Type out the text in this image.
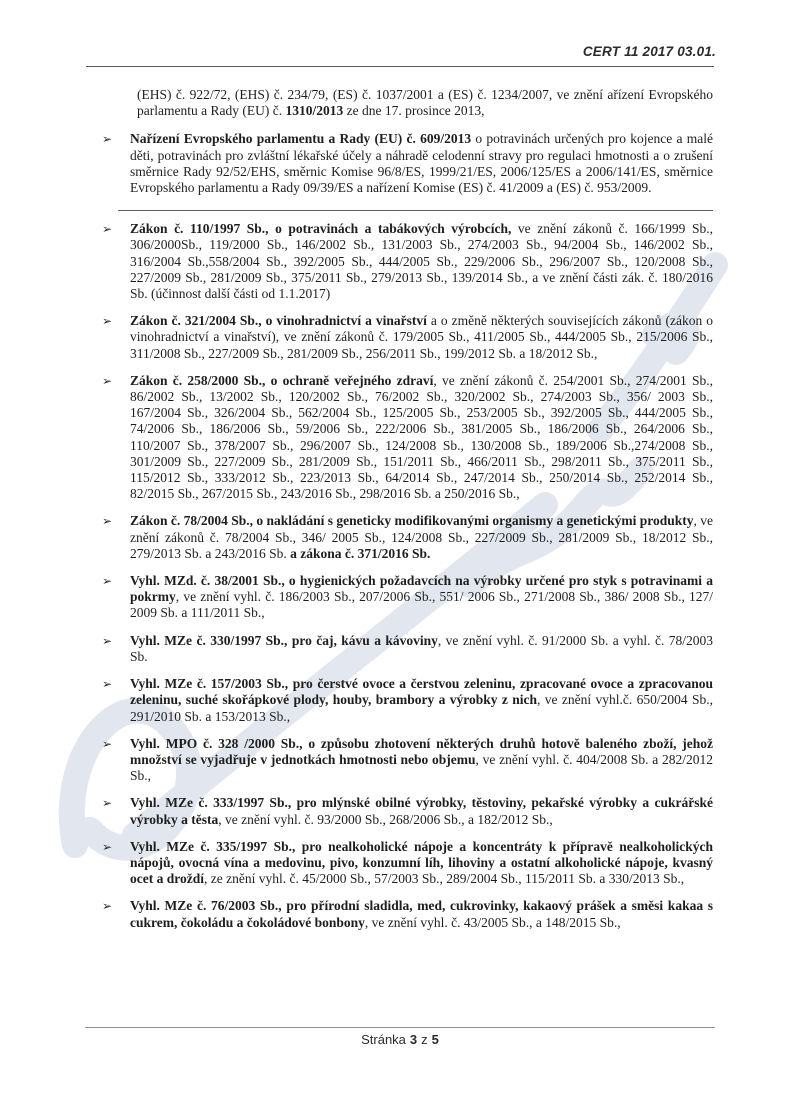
CERT 11 2017 03.01.

(EHS) č. 922/72, (EHS) č. 234/79, (ES) č. 1037/2001 a (ES) č. 1234/2007, ve znění ařízení Evropského parlamentu a Rady (EU) č. 1310/2013 ze dne 17. prosince 2013,

➢	Nařízení Evropského parlamentu a Rady (EU) č. 609/2013 o potravinách určených pro kojence a malé děti, potravinách pro zvláštní lékařské účely a náhradě celodenní stravy pro regulaci hmotnosti a o zrušení směrnice Rady 92/52/EHS, směrnic Komise 96/8/ES, 1999/21/ES, 2006/125/ES a 2006/141/ES, směrnice Evropského parlamentu a Rady 09/39/ES a nařízení Komise (ES) č. 41/2009 a (ES) č. 953/2009.

➢	Zákon č. 110/1997 Sb., o potravinách a tabákových výrobcích, ve znění zákonů č. 166/1999 Sb., 306/2000Sb., 119/2000 Sb., 146/2002 Sb., 131/2003 Sb., 274/2003 Sb., 94/2004 Sb., 146/2002 Sb., 316/2004 Sb.,558/2004 Sb., 392/2005 Sb., 444/2005 Sb., 229/2006 Sb., 296/2007 Sb., 120/2008 Sb., 227/2009 Sb., 281/2009 Sb., 375/2011 Sb., 279/2013 Sb., 139/2014 Sb., a ve znění části zák. č. 180/2016 Sb. (účinnost další části od 1.1.2017)

➢	Zákon č. 321/2004 Sb., o vinohradnictví a vinařství a o změně některých souvisejících zákonů (zákon o vinohradnictví a vinařství), ve znění zákonů č. 179/2005 Sb., 411/2005 Sb., 444/2005 Sb., 215/2006 Sb., 311/2008 Sb., 227/2009 Sb., 281/2009 Sb., 256/2011 Sb., 199/2012 Sb. a 18/2012 Sb.,

➢	Zákon č. 258/2000 Sb., o ochraně veřejného zdraví, ve znění zákonů č. 254/2001 Sb., 274/2001 Sb., 86/2002 Sb., 13/2002 Sb., 120/2002 Sb., 76/2002 Sb., 320/2002 Sb., 274/2003 Sb., 356/ 2003 Sb., 167/2004 Sb., 326/2004 Sb., 562/2004 Sb., 125/2005 Sb., 253/2005 Sb., 392/2005 Sb., 444/2005 Sb., 74/2006 Sb., 186/2006 Sb., 59/2006 Sb., 222/2006 Sb., 381/2005 Sb., 186/2006 Sb., 264/2006 Sb., 110/2007 Sb., 378/2007 Sb., 296/2007 Sb., 124/2008 Sb., 130/2008 Sb., 189/2006 Sb.,274/2008 Sb., 301/2009 Sb., 227/2009 Sb., 281/2009 Sb., 151/2011 Sb., 466/2011 Sb., 298/2011 Sb., 375/2011 Sb., 115/2012 Sb., 333/2012 Sb., 223/2013 Sb., 64/2014 Sb., 247/2014 Sb., 250/2014 Sb., 252/2014 Sb., 82/2015 Sb., 267/2015 Sb., 243/2016 Sb., 298/2016 Sb. a 250/2016 Sb.,

➢	Zákon č. 78/2004 Sb., o nakládání s geneticky modifikovanými organismy a genetickými produkty, ve znění zákonů č. 78/2004 Sb., 346/ 2005 Sb., 124/2008 Sb., 227/2009 Sb., 281/2009 Sb., 18/2012 Sb., 279/2013 Sb. a 243/2016 Sb. a zákona č. 371/2016 Sb.

➢	Vyhl. MZd. č. 38/2001 Sb., o hygienických požadavcích na výrobky určené pro styk s potravinami a pokrmy, ve znění vyhl. č. 186/2003 Sb., 207/2006 Sb., 551/ 2006 Sb., 271/2008 Sb., 386/ 2008 Sb., 127/ 2009 Sb. a 111/2011 Sb.,

➢	Vyhl. MZe č. 330/1997 Sb., pro čaj, kávu a kávoviny, ve znění vyhl. č. 91/2000 Sb. a vyhl. č. 78/2003 Sb.

➢	Vyhl. MZe č. 157/2003 Sb., pro čerstvé ovoce a čerstvou zeleninu, zpracované ovoce a zpracovanou zeleninu, suché skořápkové plody, houby, brambory a výrobky z nich, ve znění vyhl.č. 650/2004 Sb., 291/2010 Sb. a 153/2013 Sb.,

➢	Vyhl. MPO č. 328 /2000 Sb., o způsobu zhotovení některých druhů hotově baleného zboží, jehož množství se vyjadřuje v jednotkách hmotnosti nebo objemu, ve znění vyhl. č. 404/2008 Sb. a 282/2012 Sb.,

➢	Vyhl. MZe č. 333/1997 Sb., pro mlýnské obilné výrobky, těstoviny, pekařské výrobky a cukrářské výrobky a těsta, ve znění vyhl. č. 93/2000 Sb., 268/2006 Sb., a 182/2012 Sb.,

➢	Vyhl. MZe č. 335/1997 Sb., pro nealkoholické nápoje a koncentráty k přípravě nealkoholických nápojů, ovocná vína a medovinu, pivo, konzumní líh, lihoviny a ostatní alkoholické nápoje, kvasný ocet a droždí, ze znění vyhl. č. 45/2000 Sb., 57/2003 Sb., 289/2004 Sb., 115/2011 Sb. a 330/2013 Sb.,

➢	Vyhl. MZe č. 76/2003 Sb., pro přírodní sladidla, med, cukrovinky, kakaový prášek a směsi kakaa s cukrem, čokoládu a čokoládové bonbony, ve znění vyhl. č. 43/2005 Sb., a 148/2015 Sb.,

Stránka 3 z 5
